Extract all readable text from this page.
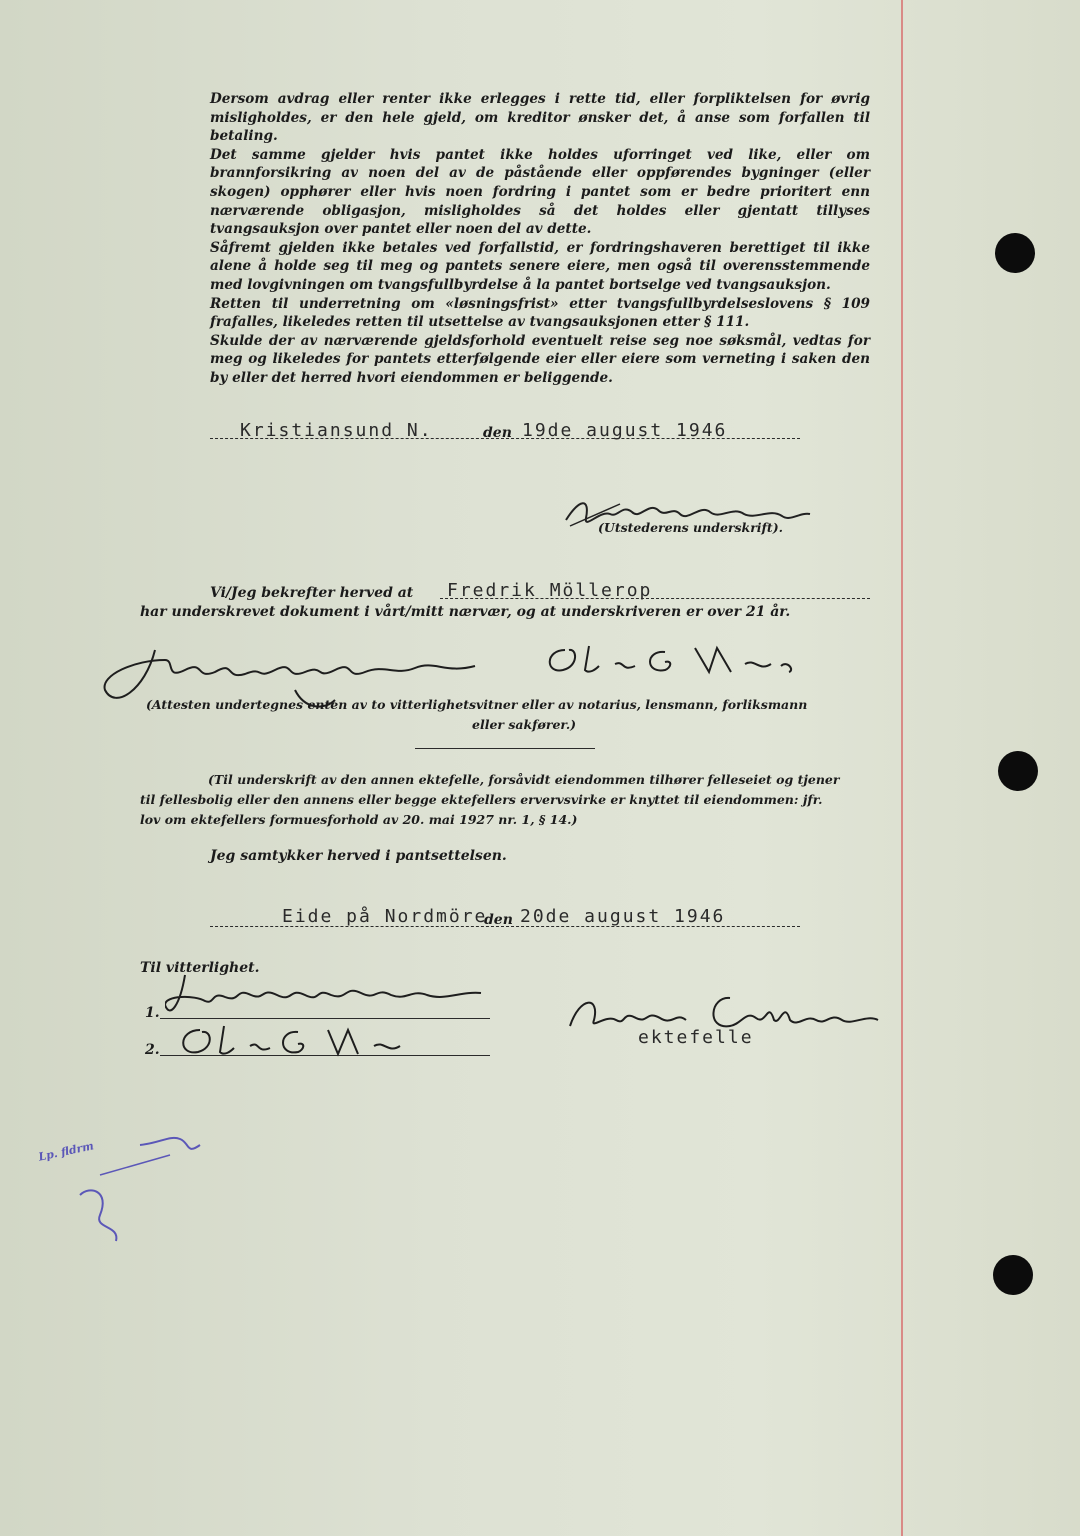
Dersom avdrag eller renter ikke erlegges i rette tid, eller forpliktelsen for øvrig misligholdes, er den hele gjeld, om kreditor ønsker det, å anse som forfallen til betaling.

Det samme gjelder hvis pantet ikke holdes uforringet ved like, eller om brannforsikring av noen del av de påstående eller oppførendes bygninger (eller skogen) opphører eller hvis noen fordring i pantet som er bedre prioritert enn nærværende obligasjon, misligholdes så det holdes eller gjentatt tillyses tvangsauksjon over pantet eller noen del av dette.

Såfremt gjelden ikke betales ved forfallstid, er fordringshaveren berettiget til ikke alene å holde seg til meg og pantets senere eiere, men også til overensstemmende med lovgivningen om tvangsfullbyrdelse å la pantet bortselge ved tvangsauksjon.

Retten til underretning om «løsningsfrist» etter tvangsfullbyrdelseslovens § 109 frafalles, likeledes retten til utsettelse av tvangsauksjonen etter § 111.

Skulde der av nærværende gjeldsforhold eventuelt reise seg noe søksmål, vedtas for meg og likeledes for pantets etterfølgende eier eller eiere som verneting i saken den by eller det herred hvori eiendommen er beliggende.

Kristiansund N.	den 19de august 1946
(Utstederens underskrift).
Vi/Jeg bekrefter herved at Fredrik Möllerop
har underskrevet dokument i vårt/mitt nærvær, og at underskriveren er over 21 år.
(Attesten undertegnes enten av to vitterlighetsvitner eller av notarius, lensmann, forliksmann
eller sakfører.)
(Til underskrift av den annen ektefelle, forsåvidt eiendommen tilhører felleseiet og tjener
til fellesbolig eller den annens eller begge ektefellers ervervsvirke er knyttet til eiendommen: jfr.
lov om ektefellers formuesforhold av 20. mai 1927 nr. 1, § 14.)
Jeg samtykker herved i pantsettelsen.
Eide på Nordmöre
den 20de august 1946
Til vitterlighet.
1.
2.
ektefelle
Lp. fldrm
